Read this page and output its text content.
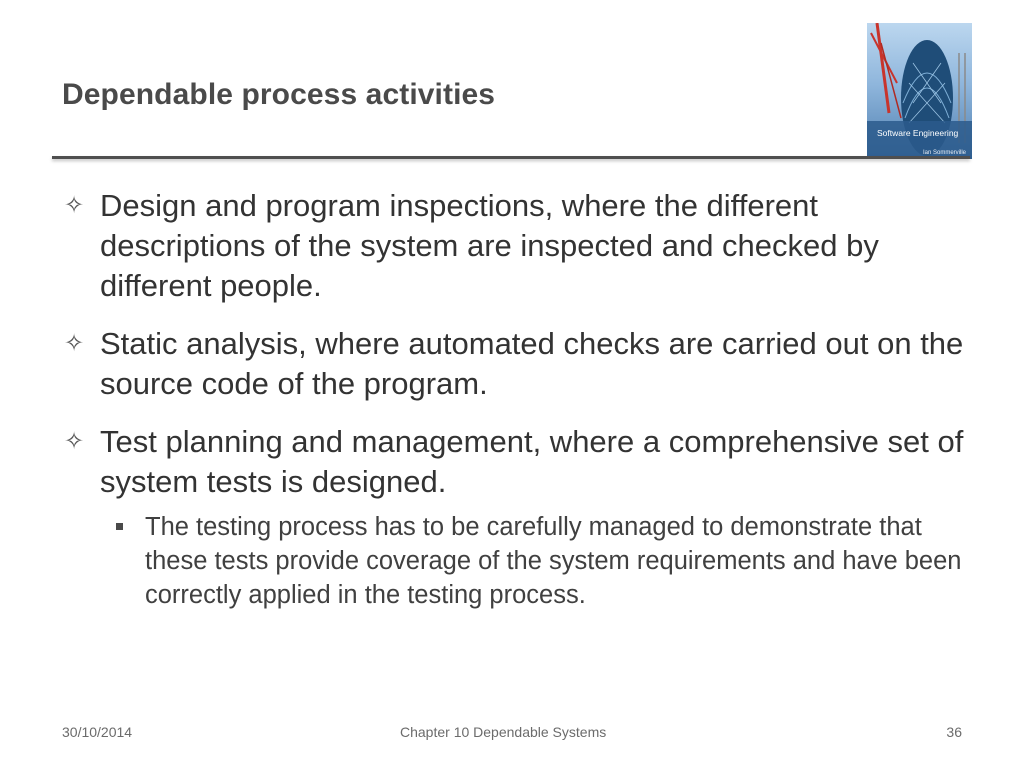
Dependable process activities
Software Engineering
Ian Sommerville
✧ Design and program inspections, where the different descriptions of the system are inspected and checked by different people.
✧ Static analysis, where automated checks are carried out on the source code of the program.
✧ Test planning and management, where a comprehensive set of system tests is designed.
The testing process has to be carefully managed to demonstrate that these tests provide coverage of the system requirements and have been correctly applied in the testing process.
30/10/2014	Chapter 10 Dependable Systems	36
